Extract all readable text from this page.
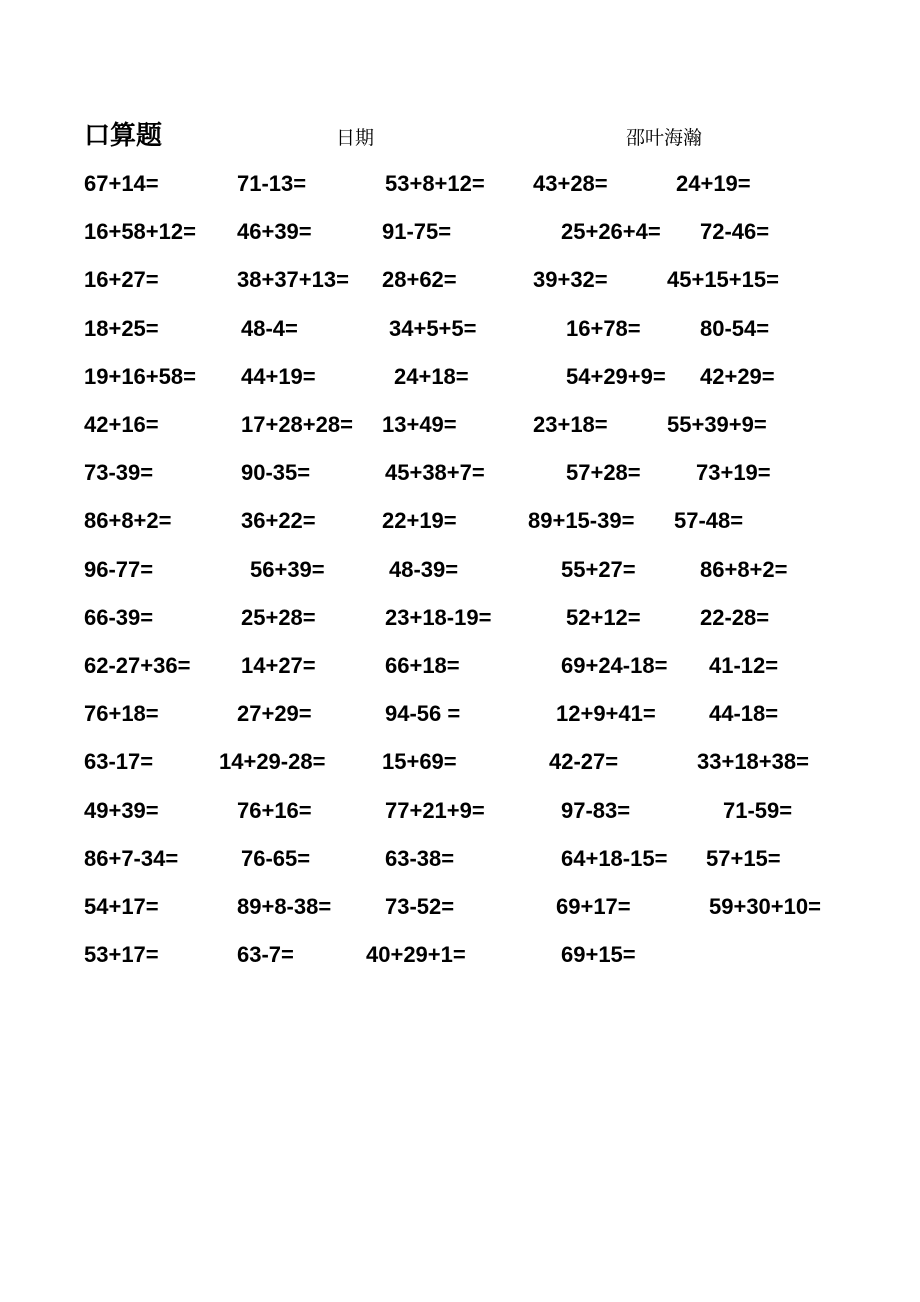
口算题	日期	邵叶海瀚
67+14=	71-13=	53+8+12= 43+28=	24+19=
16+58+12= 46+39=	91-75=	25+26+4= 72-46=
16+27=	38+37+13= 28+62=	39+32=	45+15+15=
18+25=	48-4=	34+5+5=	16+78=	80-54=
19+16+58= 44+19=	24+18=	54+29+9= 42+29=
42+16=	17+28+28= 13+49=	23+18=	55+39+9=
73-39=	90-35=	45+38+7=	57+28=	73+19=
86+8+2=	36+22=	22+19=	89+15-39= 57-48=
96-77=	56+39=	48-39=	55+27=	86+8+2=
66-39=	25+28=	23+18-19=	52+12=	22-28=
62-27+36= 14+27=	66+18=	69+24-18= 41-12=
76+18=	27+29=	94-56 =	12+9+41= 44-18=
63-17=	14+29-28=	15+69=	42-27=	33+18+38=
49+39=	76+16=	77+21+9=	97-83=	71-59=
86+7-34=	76-65=	63-38=	64+18-15= 57+15=
54+17=	89+8-38= 73-52=	69+17=	59+30+10=
53+17=	63-7=	40+29+1=	69+15=
